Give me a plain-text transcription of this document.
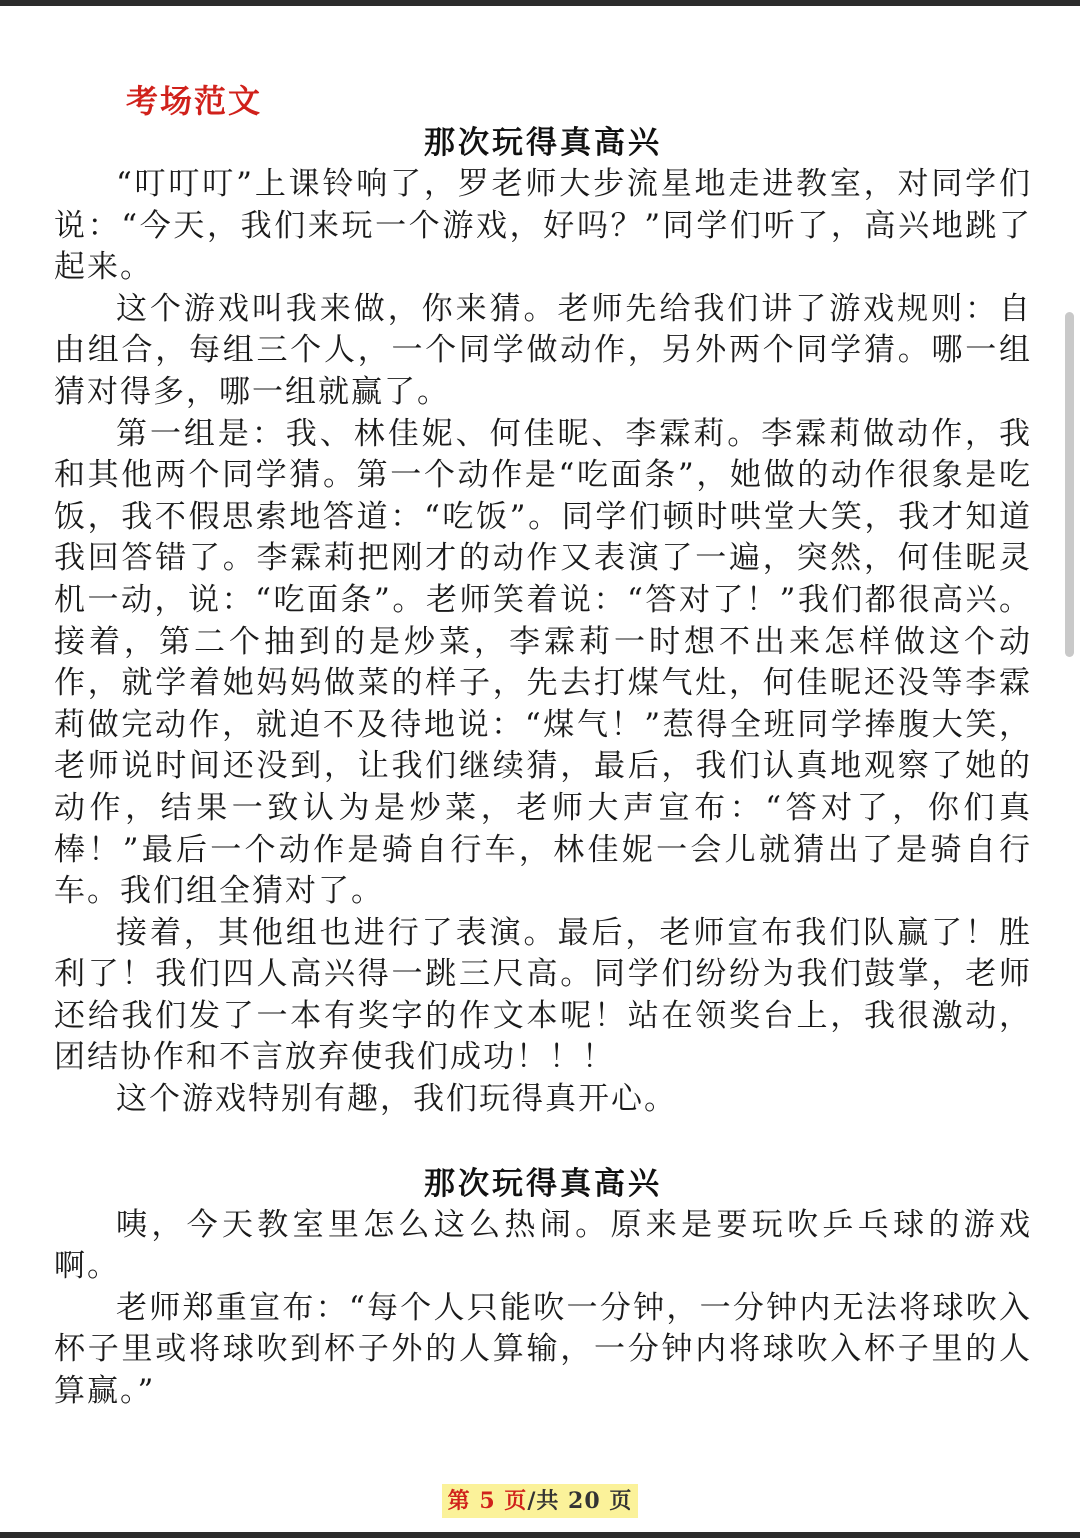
考场范文
那次玩得真高兴

“叮叮叮”上课铃响了，罗老师大步流星地走进教室，对同学们说：“今天，我们来玩一个游戏，好吗？”同学们听了，高兴地跳了起来。

这个游戏叫我来做，你来猜。老师先给我们讲了游戏规则：自由组合，每组三个人，一个同学做动作，另外两个同学猜。哪一组猜对得多，哪一组就赢了。

第一组是：我、林佳妮、何佳昵、李霖莉。李霖莉做动作，我和其他两个同学猜。第一个动作是“吃面条”，她做的动作很象是吃饭，我不假思索地答道：“吃饭”。同学们顿时哄堂大笑，我才知道我回答错了。李霖莉把刚才的动作又表演了一遍，突然，何佳昵灵机一动，说：“吃面条”。老师笑着说：“答对了！”我们都很高兴。接着，第二个抽到的是炒菜，李霖莉一时想不出来怎样做这个动作，就学着她妈妈做菜的样子，先去打煤气灶，何佳昵还没等李霖莉做完动作，就迫不及待地说：“煤气！”惹得全班同学捧腹大笑，老师说时间还没到，让我们继续猜，最后，我们认真地观察了她的动作，结果一致认为是炒菜，老师大声宣布：“答对了，你们真棒！”最后一个动作是骑自行车，林佳妮一会儿就猜出了是骑自行车。我们组全猜对了。

接着，其他组也进行了表演。最后，老师宣布我们队赢了！胜利了！我们四人高兴得一跳三尺高。同学们纷纷为我们鼓掌，老师还给我们发了一本有奖字的作文本呢！站在领奖台上，我很激动，团结协作和不言放弃使我们成功！！！

这个游戏特别有趣，我们玩得真开心。

那次玩得真高兴

咦，今天教室里怎么这么热闹。原来是要玩吹乒乓球的游戏啊。

老师郑重宣布：“每个人只能吹一分钟，一分钟内无法将球吹入杯子里或将球吹到杯子外的人算输，一分钟内将球吹入杯子里的人算赢。”

第 5 页/共 20 页
